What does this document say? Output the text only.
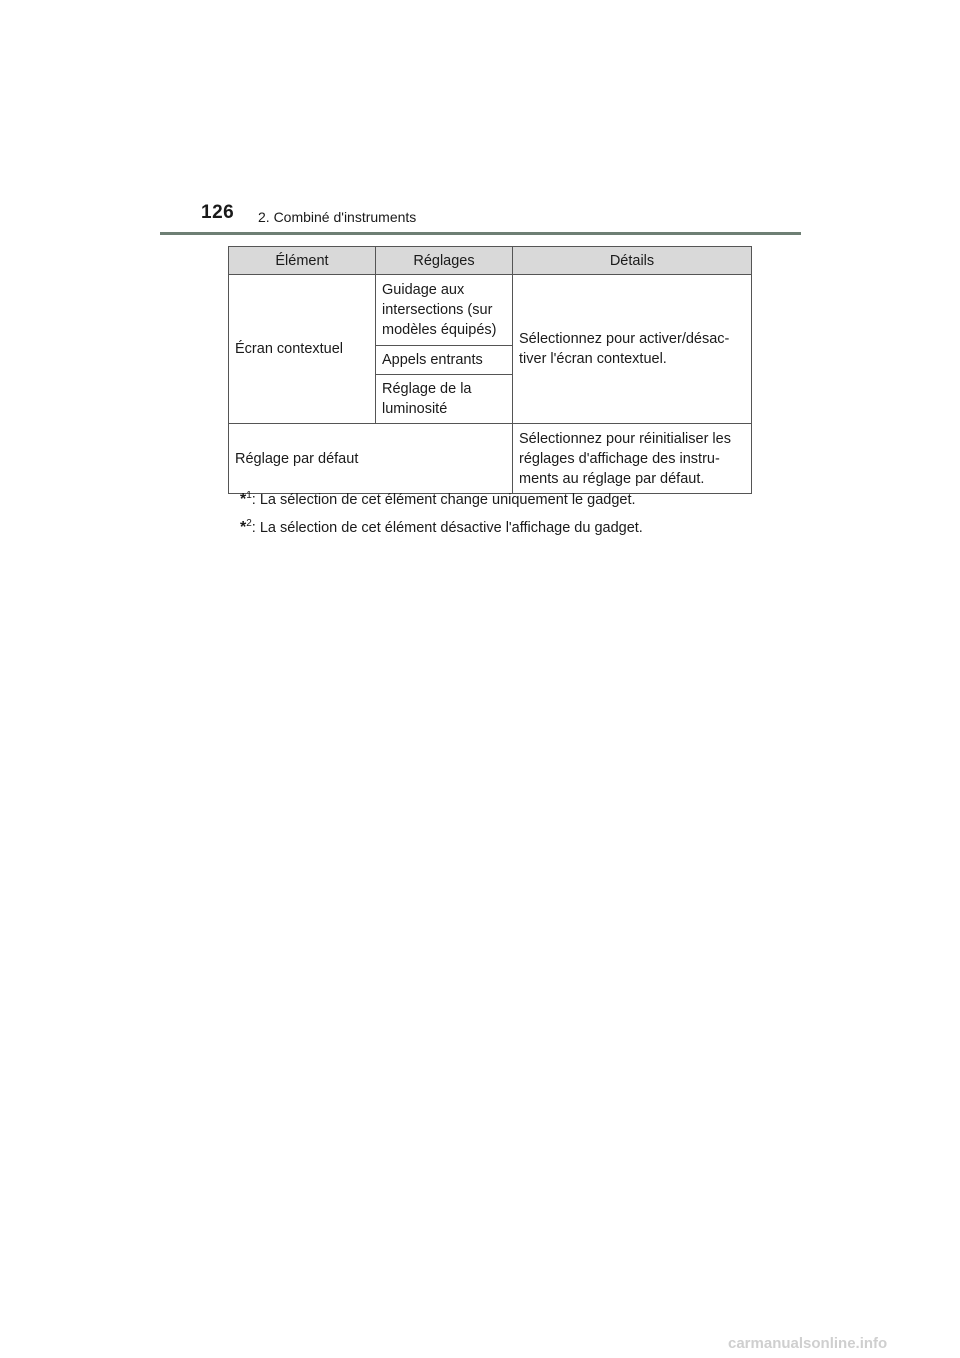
126 2. Combiné d'instruments
Élément	Réglages	Détails
Écran contextuel	Guidage aux intersections (sur modèles équipés)	Sélectionnez pour activer/désac-tiver l'écran contextuel.
	Appels entrants	
	Réglage de la luminosité	
Réglage par défaut		Sélectionnez pour réinitialiser les réglages d'affichage des instru-ments au réglage par défaut.
*$^1$: La sélection de cet élément change uniquement le gadget.
*$^2$: La sélection de cet élément désactive l'affichage du gadget.
carmanualsonline.info
